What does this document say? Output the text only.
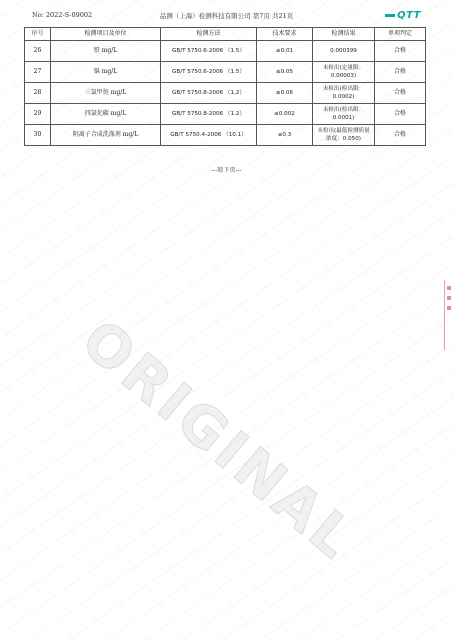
No: 2022-S-09002	品测（上海）检测科技有限公司 第7页 共21页	QTT
序号	检测项目及单位	检测方法	技术要求	检测结果	单项判定
26	铅 mg/L	GB/T 5750.6-2006 （1.5）	≤0.01	0.000399	合格
27	镉 mg/L	GB/T 5750.6-2006 （1.5）	≤0.05	未检出(定量限：0.00003)	合格
28	三氯甲烷 mg/L	GB/T 5750.8-2006 （1.2）	≤0.06	未检出(检出限：0.0002)	合格
29	四氯化碳 mg/L	GB/T 5750.8-2006 （1.2）	≤0.002	未检出(检出限：0.0001)	合格
30	阴离子合成洗涤剂 mg/L	GB/T 5750.4-2006 （10.1）	≤0.3	未检出(最低检测质量浓度：0.050)	合格
---转下页---
ORIGINAL
